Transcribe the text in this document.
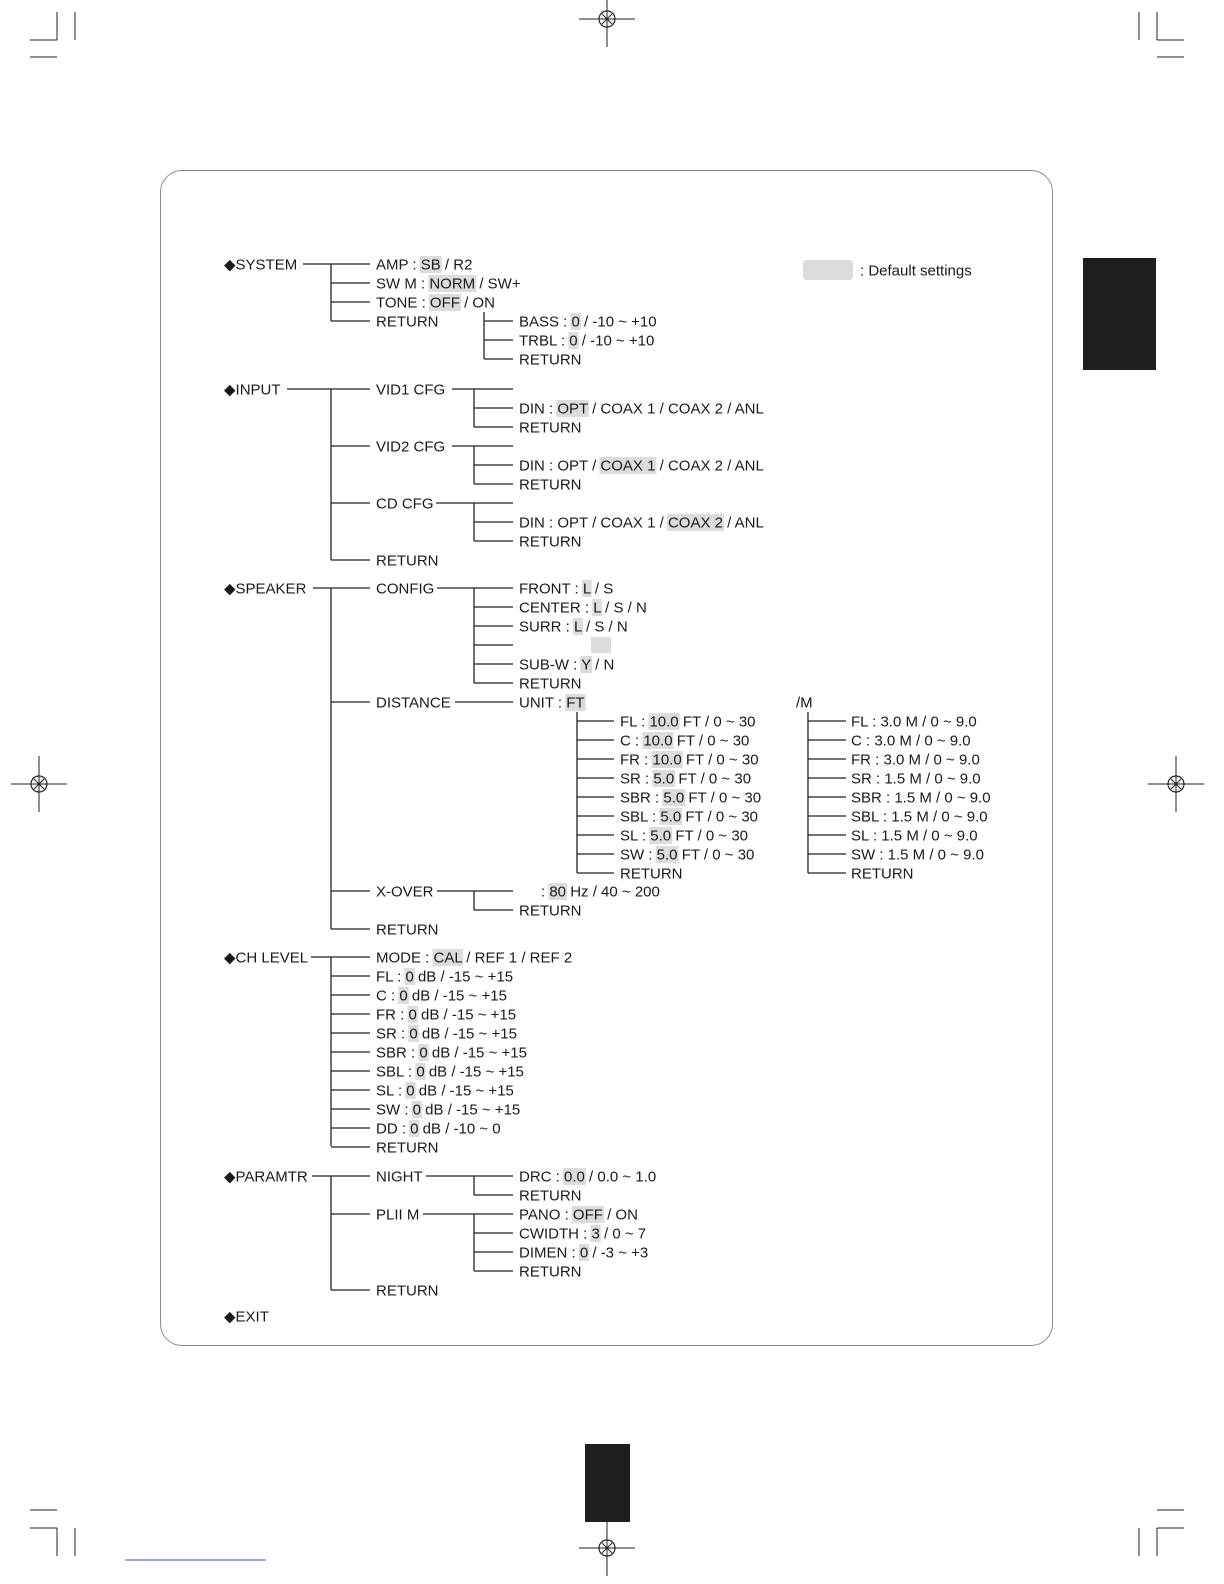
: Default settings
◆SYSTEM	AMP : SB / R2
SW M : NORM / SW+
TONE : OFF / ON
RETURN	BASS : 0 / -10 ~ +10
TRBL : 0 / -10 ~ +10
RETURN
◆INPUT	VID1 CFG
DIN : OPT / COAX 1 / COAX 2 / ANL
RETURN
VID2 CFG
DIN : OPT / COAX 1 / COAX 2 / ANL
RETURN
CD CFG
DIN : OPT / COAX 1 / COAX 2 / ANL
RETURN
RETURN
◆SPEAKER	CONFIG	FRONT : L / S
CENTER : L / S / N
SURR : L / S / N
SUB-W : Y / N
RETURN
DISTANCE	UNIT : FT	/M
FL : 10.0 FT / 0 ~ 30
C : 10.0 FT / 0 ~ 30
FR : 10.0 FT / 0 ~ 30
SR : 5.0 FT / 0 ~ 30
SBR : 5.0 FT / 0 ~ 30
SBL : 5.0 FT / 0 ~ 30
SL : 5.0 FT / 0 ~ 30
SW : 5.0 FT / 0 ~ 30
RETURN
FL : 3.0 M / 0 ~ 9.0
C : 3.0 M / 0 ~ 9.0
FR : 3.0 M / 0 ~ 9.0
SR : 1.5 M / 0 ~ 9.0
SBR : 1.5 M / 0 ~ 9.0
SBL : 1.5 M / 0 ~ 9.0
SL : 1.5 M / 0 ~ 9.0
SW : 1.5 M / 0 ~ 9.0
RETURN
X-OVER	: 80 Hz / 40 ~ 200
RETURN
RETURN
◆CH LEVEL	MODE : CAL / REF 1 / REF 2
FL : 0 dB / -15 ~ +15
C : 0 dB / -15 ~ +15
FR : 0 dB / -15 ~ +15
SR : 0 dB / -15 ~ +15
SBR : 0 dB / -15 ~ +15
SBL : 0 dB / -15 ~ +15
SL : 0 dB / -15 ~ +15
SW : 0 dB / -15 ~ +15
DD : 0 dB / -10 ~ 0
RETURN
◆PARAMTR	NIGHT	DRC : 0.0 / 0.0 ~ 1.0
RETURN
PLII M	PANO : OFF / ON
CWIDTH : 3 / 0 ~ 7
DIMEN : 0 / -3 ~ +3
RETURN
RETURN
◆EXIT
